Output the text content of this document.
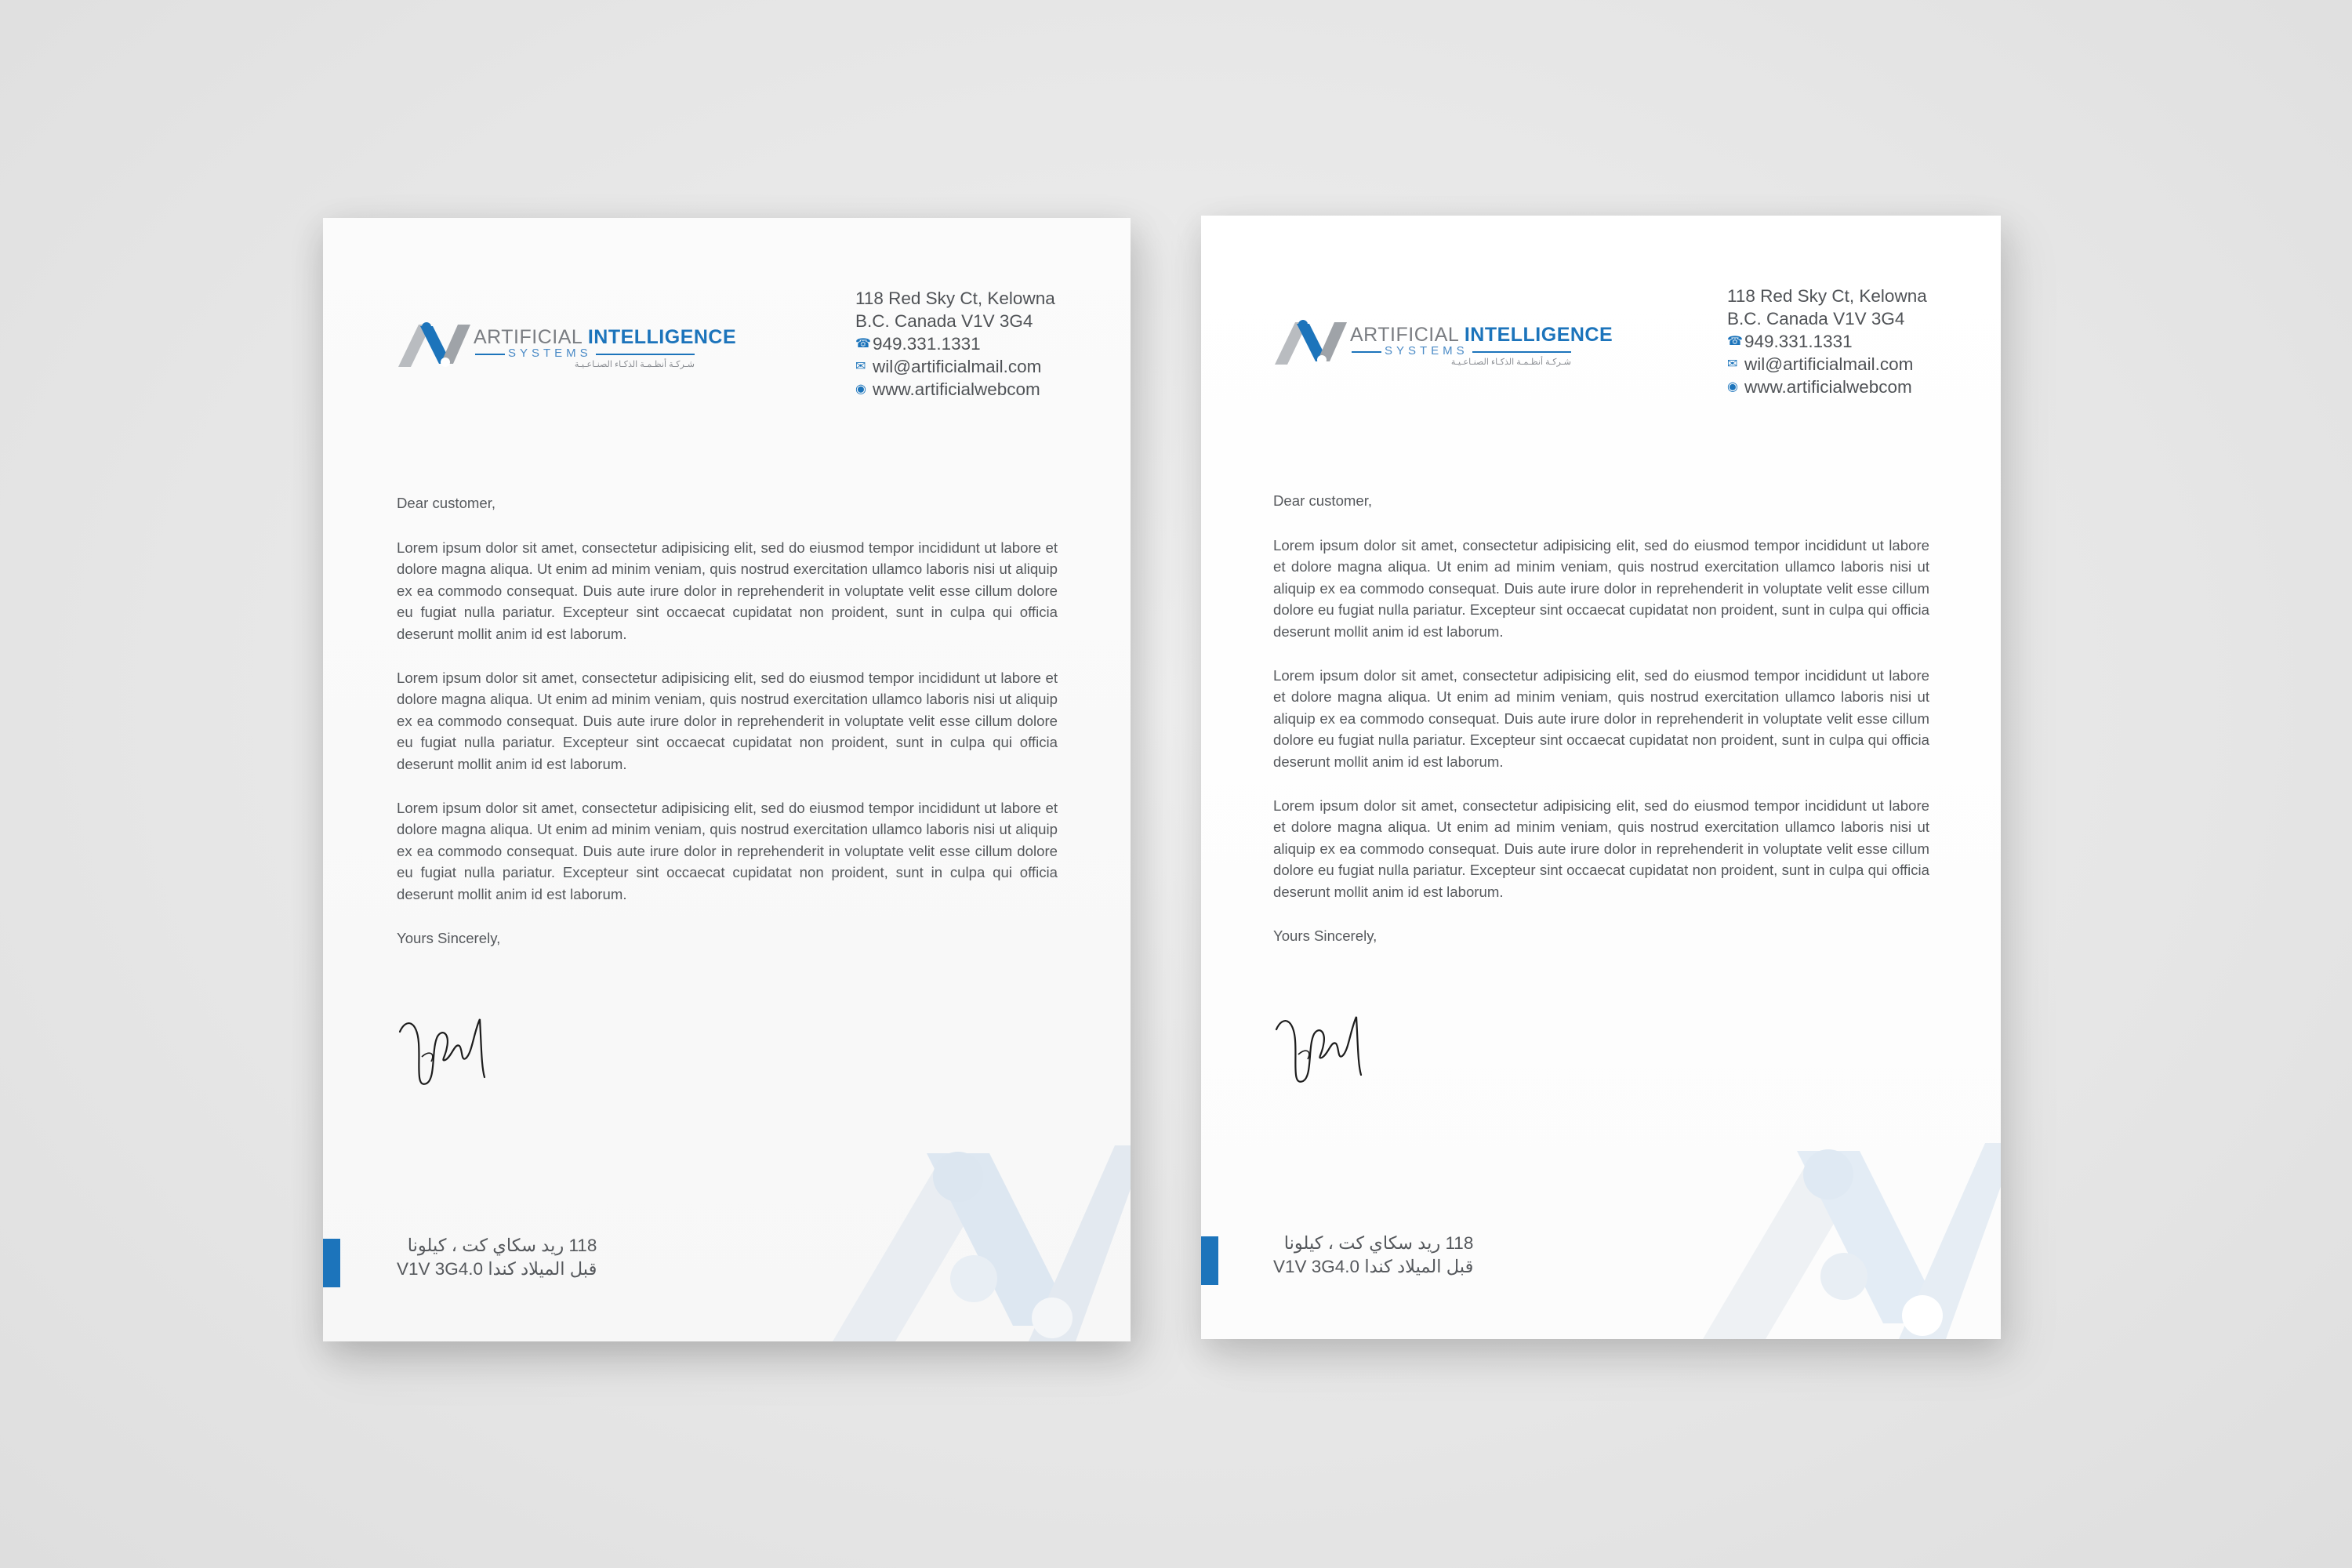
ARTIFICIAL INTELLIGENCE
SYSTEMS
شـركـة أنظـمـة الذكـاء الصنـاعـيـة
118 Red Sky Ct, Kelowna
B.C. Canada V1V 3G4
☎ 949.331.1331
✉ wil@artificialmail.com
◉ www.artificialwebcom

Dear customer,

Lorem ipsum dolor sit amet, consectetur adipisicing elit, sed do eiusmod tempor incididunt ut labore et dolore magna aliqua. Ut enim ad minim veniam, quis nostrud exercitation ullamco laboris nisi ut aliquip ex ea commodo consequat. Duis aute irure dolor in reprehenderit in voluptate velit esse cillum dolore eu fugiat nulla pariatur. Excepteur sint occaecat cupidatat non proident, sunt in culpa qui officia deserunt mollit anim id est laborum.

Lorem ipsum dolor sit amet, consectetur adipisicing elit, sed do eiusmod tempor incididunt ut labore et dolore magna aliqua. Ut enim ad minim veniam, quis nostrud exercitation ullamco laboris nisi ut aliquip ex ea commodo consequat. Duis aute irure dolor in reprehenderit in voluptate velit esse cillum dolore eu fugiat nulla pariatur. Excepteur sint occaecat cupidatat non proident, sunt in culpa qui officia deserunt mollit anim id est laborum.

Lorem ipsum dolor sit amet, consectetur adipisicing elit, sed do eiusmod tempor incididunt ut labore et dolore magna aliqua. Ut enim ad minim veniam, quis nostrud exercitation ullamco laboris nisi ut aliquip ex ea commodo consequat. Duis aute irure dolor in reprehenderit in voluptate velit esse cillum dolore eu fugiat nulla pariatur. Excepteur sint occaecat cupidatat non proident, sunt in culpa qui officia deserunt mollit anim id est laborum.

Yours Sincerely,

118 ريد سكاي كت ، كيلونا
قبل الميلاد كندا V1V 3G4.0
ARTIFICIAL INTELLIGENCE
SYSTEMS
شـركـة أنظـمـة الذكـاء الصنـاعـيـة
118 Red Sky Ct, Kelowna
B.C. Canada V1V 3G4
☎ 949.331.1331
✉ wil@artificialmail.com
◉ www.artificialwebcom

Dear customer,

Lorem ipsum dolor sit amet, consectetur adipisicing elit, sed do eiusmod tempor incididunt ut labore et dolore magna aliqua. Ut enim ad minim veniam, quis nostrud exercitation ullamco laboris nisi ut aliquip ex ea commodo consequat. Duis aute irure dolor in reprehenderit in voluptate velit esse cillum dolore eu fugiat nulla pariatur. Excepteur sint occaecat cupidatat non proident, sunt in culpa qui officia deserunt mollit anim id est laborum.

Lorem ipsum dolor sit amet, consectetur adipisicing elit, sed do eiusmod tempor incididunt ut labore et dolore magna aliqua. Ut enim ad minim veniam, quis nostrud exercitation ullamco laboris nisi ut aliquip ex ea commodo consequat. Duis aute irure dolor in reprehenderit in voluptate velit esse cillum dolore eu fugiat nulla pariatur. Excepteur sint occaecat cupidatat non proident, sunt in culpa qui officia deserunt mollit anim id est laborum.

Lorem ipsum dolor sit amet, consectetur adipisicing elit, sed do eiusmod tempor incididunt ut labore et dolore magna aliqua. Ut enim ad minim veniam, quis nostrud exercitation ullamco laboris nisi ut aliquip ex ea commodo consequat. Duis aute irure dolor in reprehenderit in voluptate velit esse cillum dolore eu fugiat nulla pariatur. Excepteur sint occaecat cupidatat non proident, sunt in culpa qui officia deserunt mollit anim id est laborum.

Yours Sincerely,

118 ريد سكاي كت ، كيلونا
قبل الميلاد كندا V1V 3G4.0
